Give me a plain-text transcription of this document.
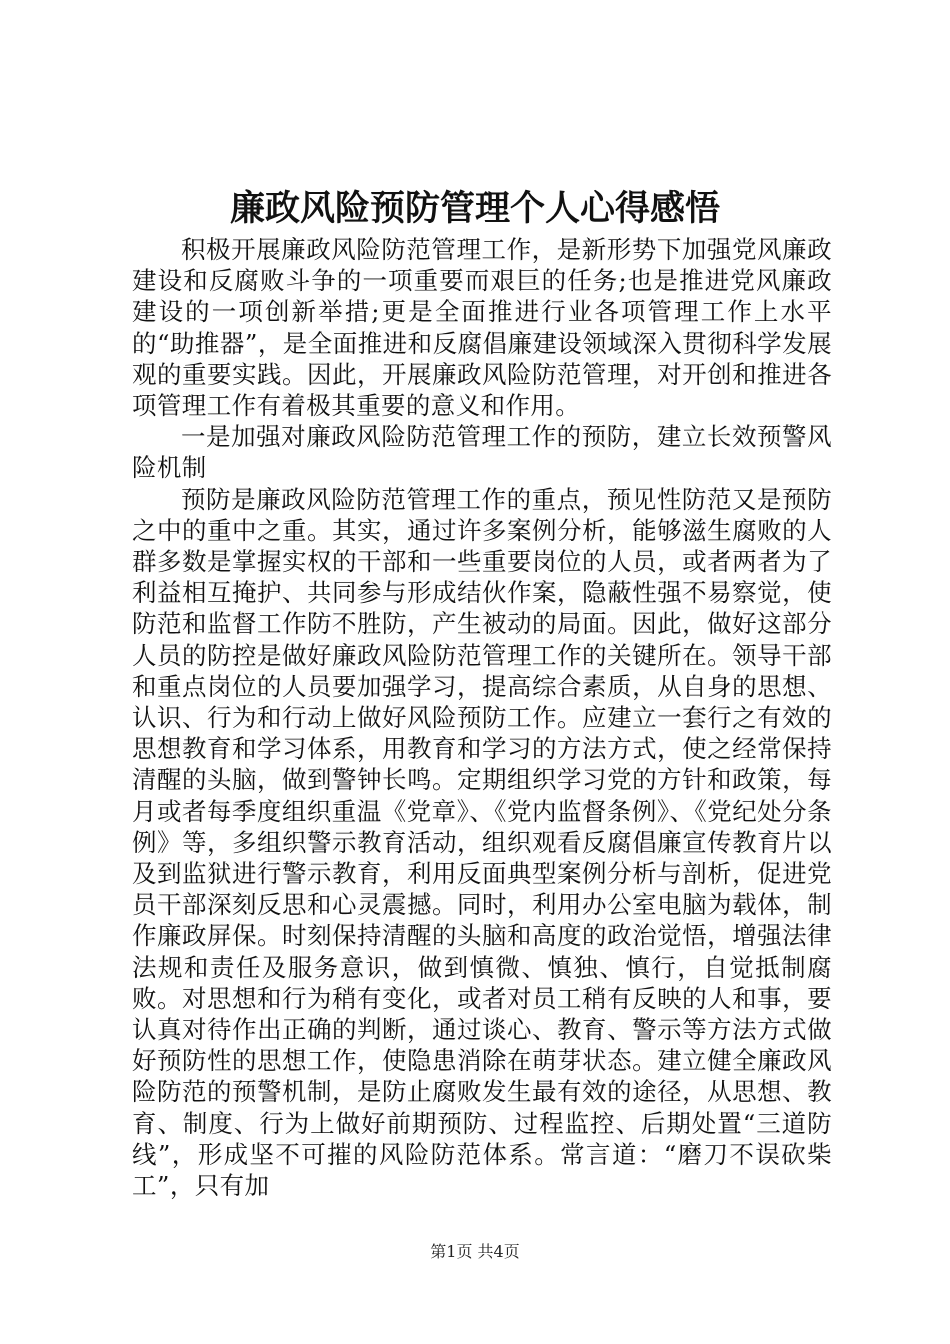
廉政风险预防管理个人心得感悟

积极开展廉政风险防范管理工作，是新形势下加强党风廉政建设和反腐败斗争的一项重要而艰巨的任务;也是推进党风廉政建设的一项创新举措;更是全面推进行业各项管理工作上水平的“助推器”，是全面推进和反腐倡廉建设领域深入贯彻科学发展观的重要实践。因此，开展廉政风险防范管理，对开创和推进各项管理工作有着极其重要的意义和作用。

一是加强对廉政风险防范管理工作的预防，建立长效预警风险机制

预防是廉政风险防范管理工作的重点，预见性防范又是预防之中的重中之重。其实，通过许多案例分析，能够滋生腐败的人群多数是掌握实权的干部和一些重要岗位的人员，或者两者为了利益相互掩护、共同参与形成结伙作案，隐蔽性强不易察觉，使防范和监督工作防不胜防，产生被动的局面。因此，做好这部分人员的防控是做好廉政风险防范管理工作的关键所在。领导干部和重点岗位的人员要加强学习，提高综合素质，从自身的思想、认识、行为和行动上做好风险预防工作。应建立一套行之有效的思想教育和学习体系，用教育和学习的方法方式，使之经常保持清醒的头脑，做到警钟长鸣。定期组织学习党的方针和政策，每月或者每季度组织重温《党章》、《党内监督条例》、《党纪处分条例》等，多组织警示教育活动，组织观看反腐倡廉宣传教育片以及到监狱进行警示教育，利用反面典型案例分析与剖析，促进党员干部深刻反思和心灵震撼。同时，利用办公室电脑为载体，制作廉政屏保。时刻保持清醒的头脑和高度的政治觉悟，增强法律法规和责任及服务意识，做到慎微、慎独、慎行，自觉抵制腐败。对思想和行为稍有变化，或者对员工稍有反映的人和事，要认真对待作出正确的判断，通过谈心、教育、警示等方法方式做好预防性的思想工作，使隐患消除在萌芽状态。建立健全廉政风险防范的预警机制，是防止腐败发生最有效的途径，从思想、教育、制度、行为上做好前期预防、过程监控、后期处置“三道防线”，形成坚不可摧的风险防范体系。常言道：“磨刀不误砍柴工”，只有加

第1页 共4页
